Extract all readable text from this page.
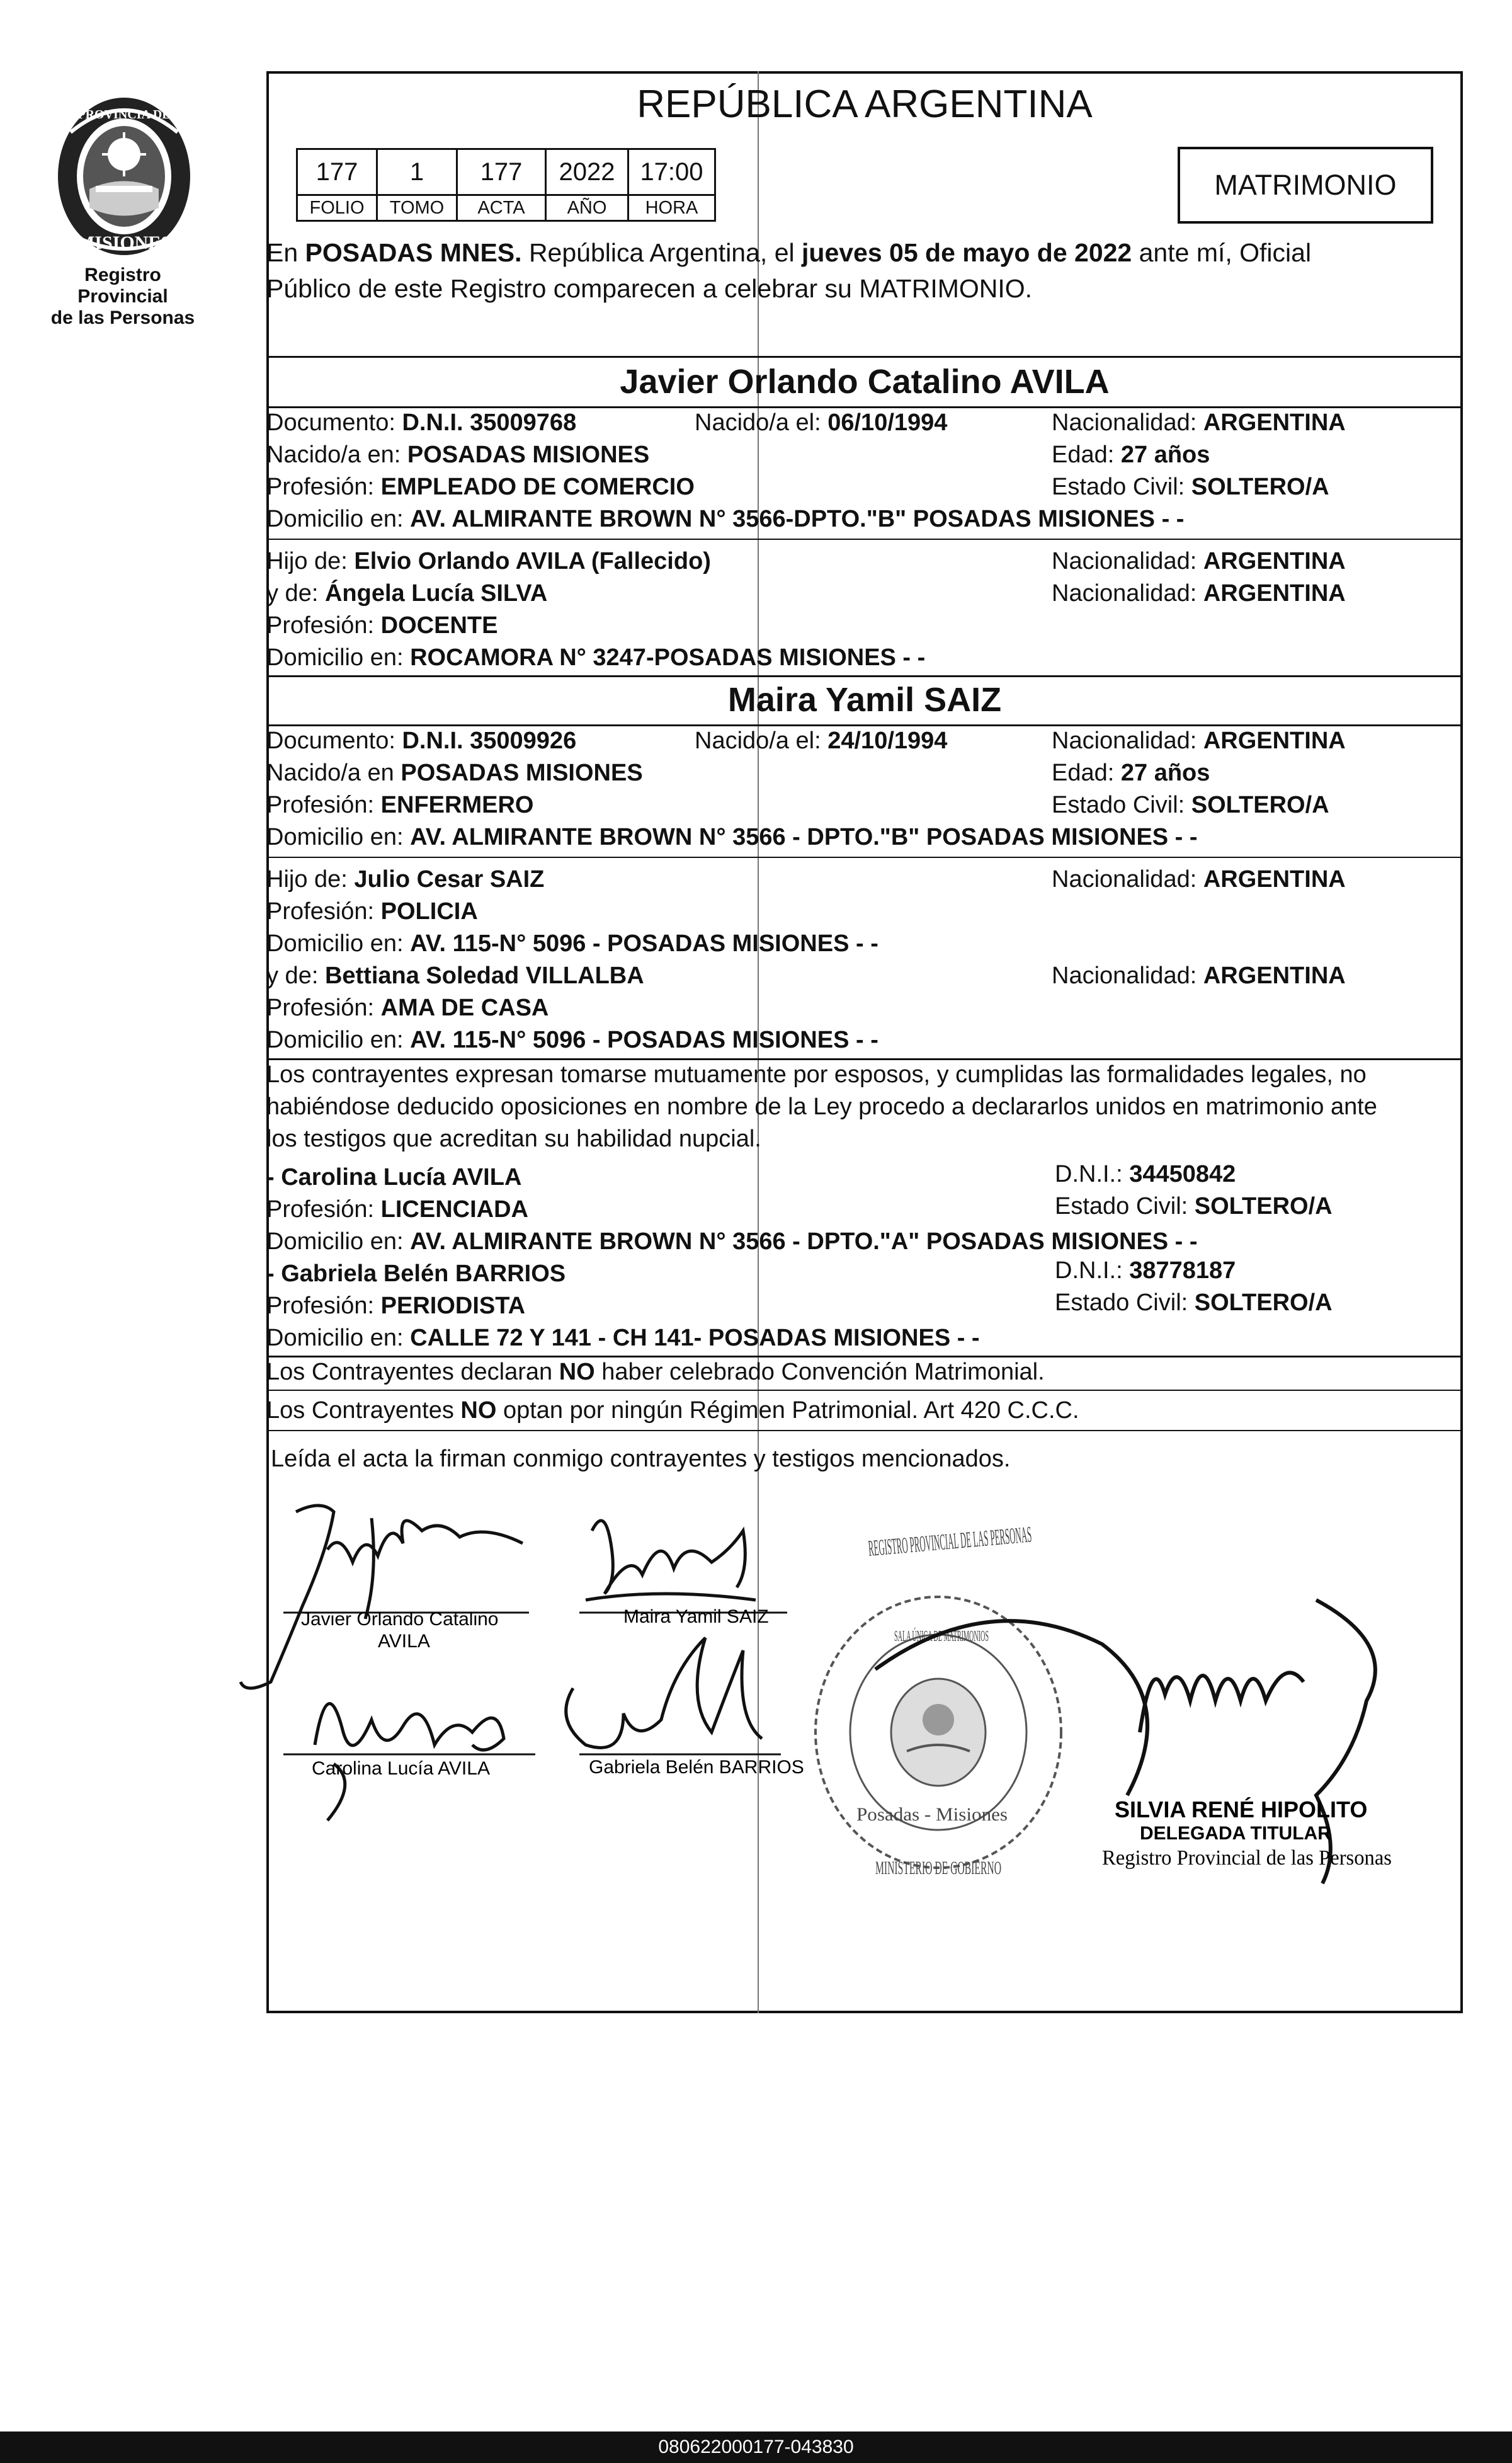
PROVINCIA DE
MISIONES
Registro Provincial
de las Personas
REPÚBLICA ARGENTINA
177	1	177	2022	17:00
FOLIO	TOMO	ACTA	AÑO	HORA
MATRIMONIO
En POSADAS MNES. República Argentina, el jueves 05 de mayo de 2022 ante mí, Oficial
Público de este Registro comparecen a celebrar su MATRIMONIO.
Javier Orlando Catalino AVILA
Documento: D.N.I. 35009768	Nacido/a el: 06/10/1994	Nacionalidad: ARGENTINA
Nacido/a en: POSADAS MISIONES	Edad: 27 años
Profesión: EMPLEADO DE COMERCIO	Estado Civil: SOLTERO/A
Domicilio en: AV. ALMIRANTE BROWN N° 3566-DPTO."B" POSADAS MISIONES - -
Hijo de: Elvio Orlando AVILA (Fallecido)	Nacionalidad: ARGENTINA
y de: Ángela Lucía SILVA	Nacionalidad: ARGENTINA
Profesión: DOCENTE
Domicilio en: ROCAMORA N° 3247-POSADAS MISIONES - -
Maira Yamil SAIZ
Documento: D.N.I. 35009926	Nacido/a el: 24/10/1994	Nacionalidad: ARGENTINA
Nacido/a en POSADAS MISIONES	Edad: 27 años
Profesión: ENFERMERO	Estado Civil: SOLTERO/A
Domicilio en: AV. ALMIRANTE BROWN N° 3566 - DPTO."B" POSADAS MISIONES - -
Hijo de: Julio Cesar SAIZ	Nacionalidad: ARGENTINA
Profesión: POLICIA
Domicilio en: AV. 115-N° 5096 - POSADAS MISIONES - -
y de: Bettiana Soledad VILLALBA	Nacionalidad: ARGENTINA
Profesión: AMA DE CASA
Domicilio en: AV. 115-N° 5096 - POSADAS MISIONES - -
Los contrayentes expresan tomarse mutuamente por esposos, y cumplidas las formalidades legales, no
habiéndose deducido oposiciones en nombre de la Ley procedo a declararlos unidos en matrimonio ante
los testigos que acreditan su habilidad nupcial.
- Carolina Lucía AVILA	D.N.I.: 34450842
Profesión: LICENCIADA	Estado Civil: SOLTERO/A
Domicilio en: AV. ALMIRANTE BROWN N° 3566 - DPTO."A" POSADAS MISIONES - -
- Gabriela Belén BARRIOS	D.N.I.: 38778187
Profesión: PERIODISTA	Estado Civil: SOLTERO/A
Domicilio en: CALLE 72 Y 141 - CH 141- POSADAS MISIONES - -
Los Contrayentes declaran NO haber celebrado Convención Matrimonial.
Los Contrayentes NO optan por ningún Régimen Patrimonial. Art 420 C.C.C.
Leída el acta la firman conmigo contrayentes y testigos mencionados.
Javier Orlando Catalino
AVILA
Maira Yamil SAIZ
Carolina Lucía AVILA	Gabriela Belén BARRIOS
REGISTRO PROVINCIAL DE LAS PERSONAS
SALA ÚNICA DE MATRIMONIOS
Posadas - Misiones
MINISTERIO DE GOBIERNO
SILVIA RENÉ HIPOLITO
DELEGADA TITULAR
Registro Provincial de las Personas
080622000177-043830
